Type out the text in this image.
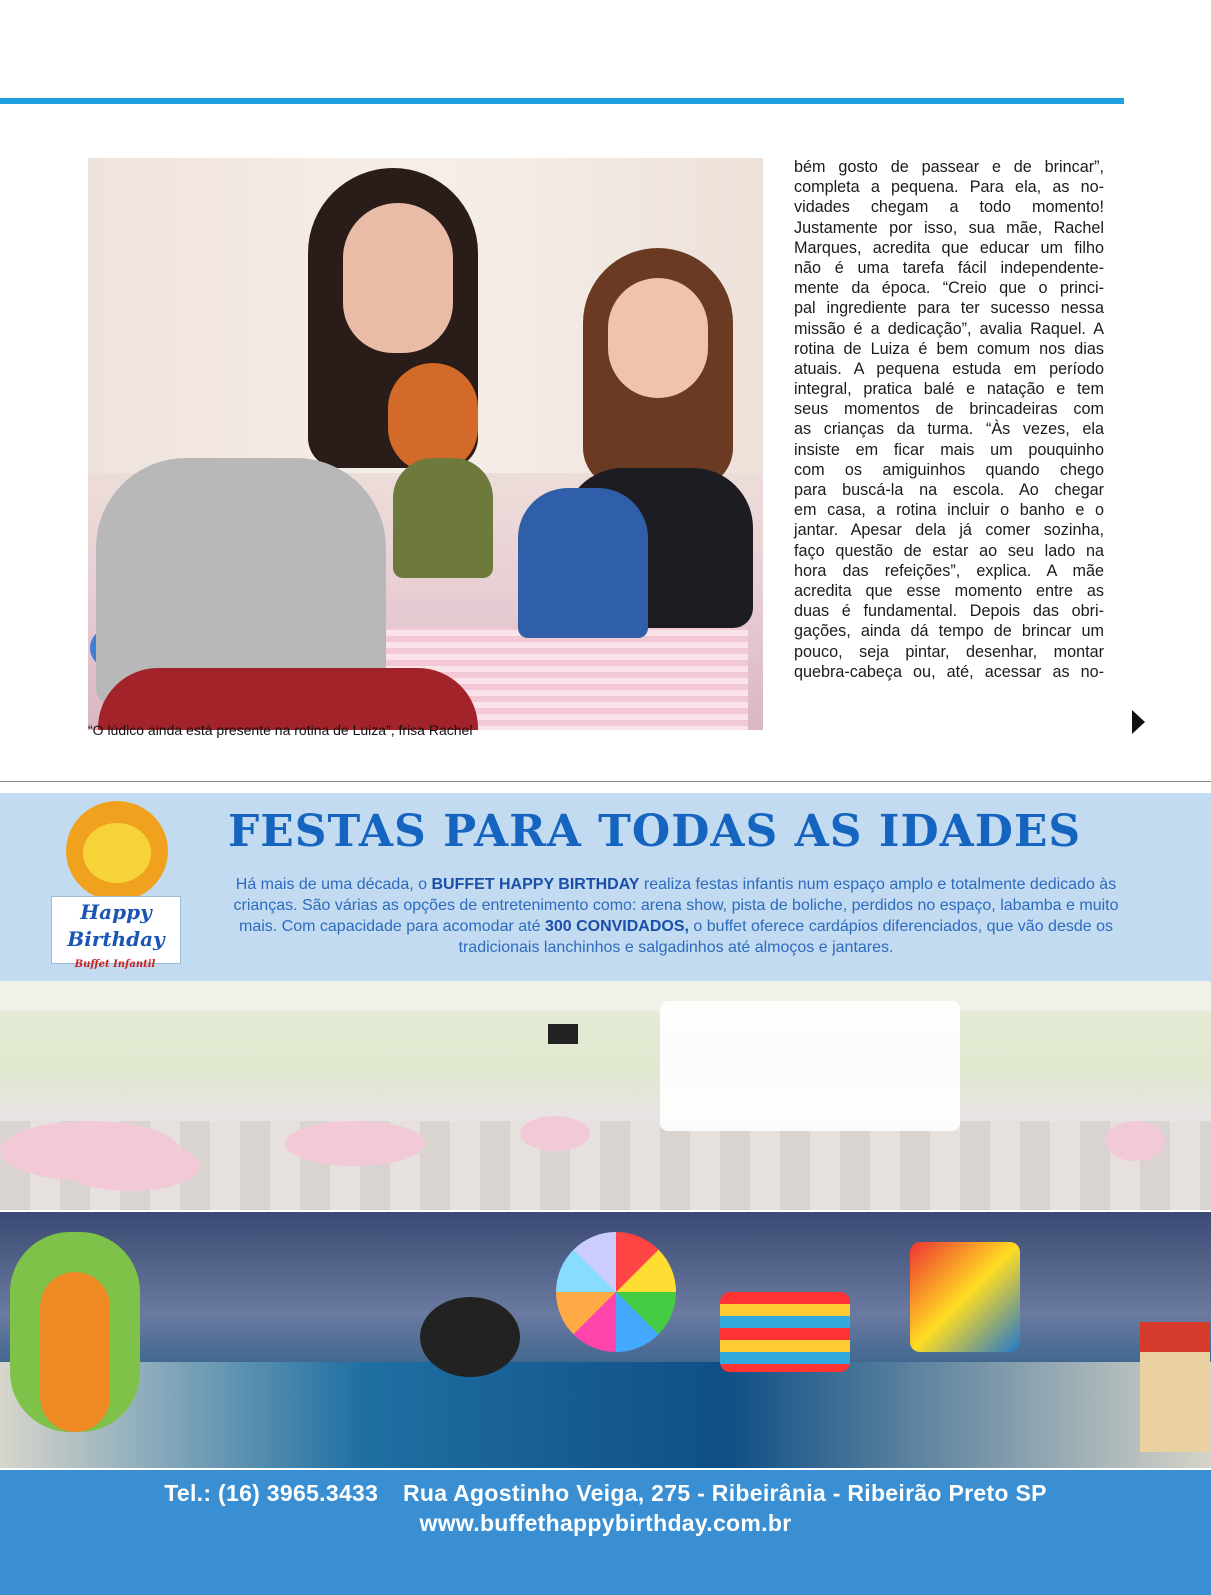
“O lúdico ainda está presente na rotina de Luiza”, frisa Rachel
bém gosto de passear e de brincar”,
completa a pequena. Para ela, as no-
vidades chegam a todo momento!
Justamente por isso, sua mãe, Rachel
Marques, acredita que educar um filho
não é uma tarefa fácil independente-
mente da época. “Creio que o princi-
pal ingrediente para ter sucesso nessa
missão é a dedicação”, avalia Raquel. A
rotina de Luiza é bem comum nos dias
atuais. A pequena estuda em período
integral, pratica balé e natação e tem
seus momentos de brincadeiras com
as crianças da turma. “Às vezes, ela
insiste em ficar mais um pouquinho
com os amiguinhos quando chego
para buscá-la na escola. Ao chegar
em casa, a rotina incluir o banho e o
jantar. Apesar dela já comer sozinha,
faço questão de estar ao seu lado na
hora das refeições”, explica. A mãe
acredita que esse momento entre as
duas é fundamental. Depois das obri-
gações, ainda dá tempo de brincar um
pouco, seja pintar, desenhar, montar
quebra-cabeça ou, até, acessar as no-
Happy
Birthday
Buffet Infantil
FESTAS PARA TODAS AS IDADES
Há mais de uma década, o BUFFET HAPPY BIRTHDAY realiza festas infantis num espaço amplo e totalmente dedicado às crianças. São várias as opções de entretenimento como: arena show, pista de boliche, perdidos no espaço, labamba e muito mais. Com capacidade para acomodar até 300 CONVIDADOS, o buffet oferece cardápios diferenciados, que vão desde os tradicionais lanchinhos e salgadinhos até almoços e jantares.
Tel.: (16) 3965.3433 Rua Agostinho Veiga, 275 - Ribeirânia - Ribeirão Preto SP
www.buffethappybirthday.com.br
